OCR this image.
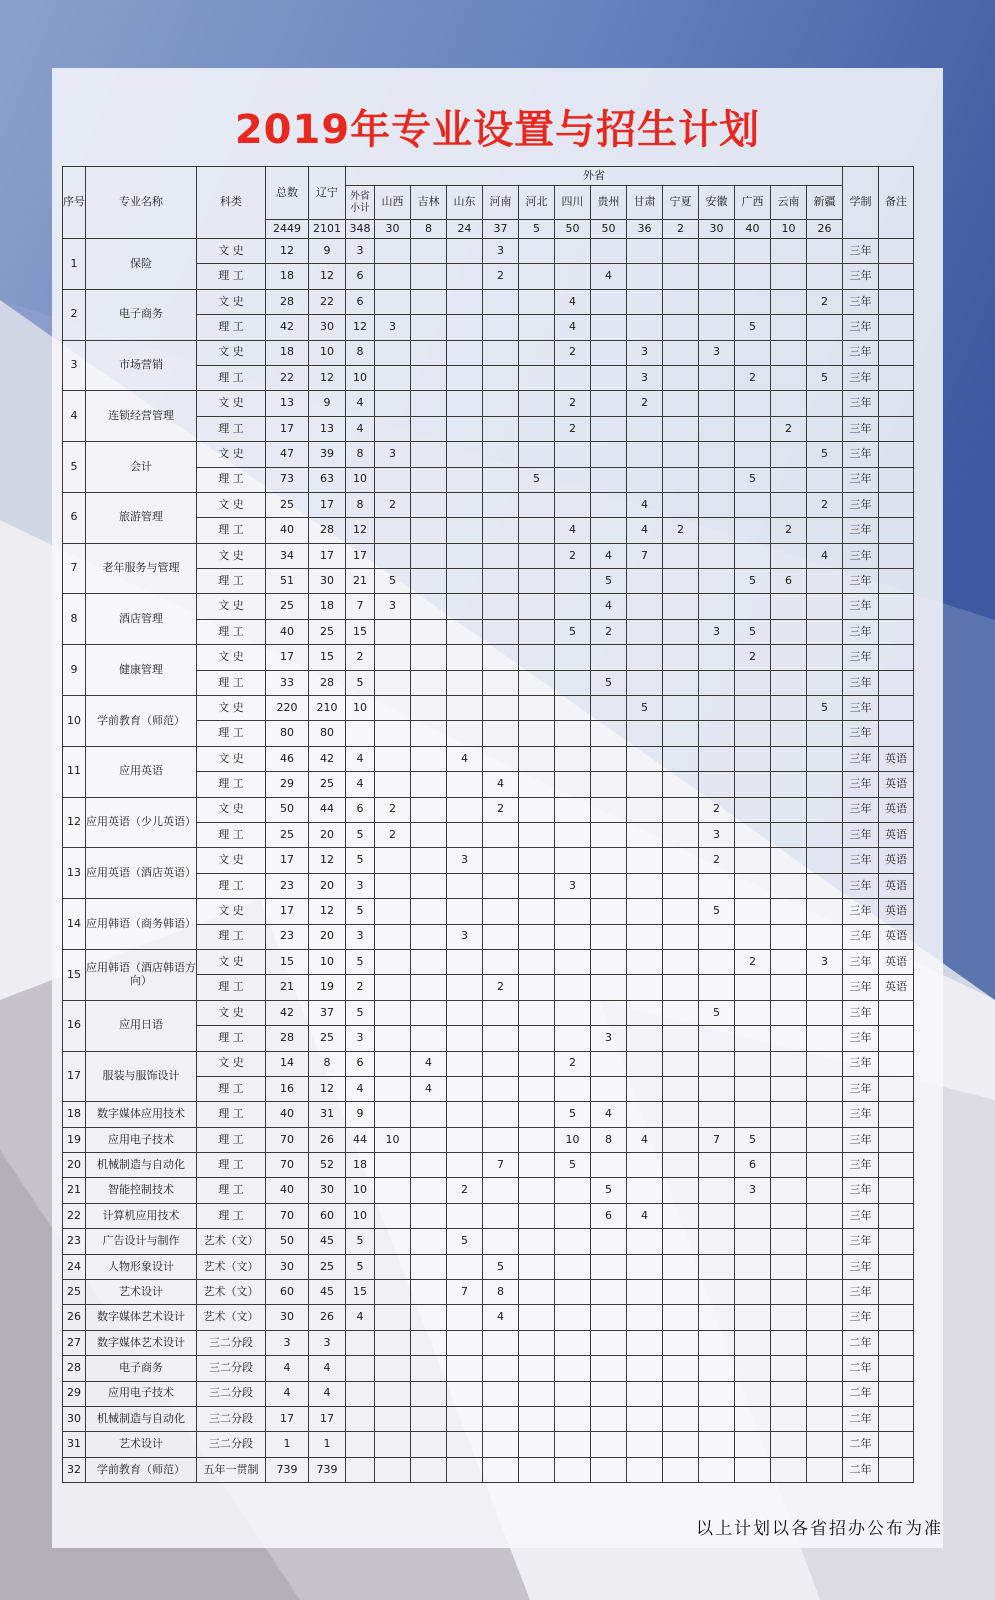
2019年专业设置与招生计划
序号	专业名称	科类	总数	辽宁	外省														学制	备注
					外省小计	山西	吉林	山东	河南	河北	四川	贵州	甘肃	宁夏	安徽	广西	云南	新疆		
			2449	2101	348	30	8	24	37	5	50	50	36	2	30	40	10	26		
1	保险	文 史	12	9	3				3										三年	
		理 工	18	12	6				2			4							三年	
2	电子商务	文 史	28	22	6						4							2	三年	
		理 工	42	30	12	3					4					5			三年	
3	市场营销	文 史	18	10	8						2		3		3				三年	
		理 工	22	12	10								3			2		5	三年	
4	连锁经营管理	文 史	13	9	4						2		2						三年	
		理 工	17	13	4						2						2		三年	
5	会计	文 史	47	39	8	3												5	三年	
		理 工	73	63	10					5						5			三年	
6	旅游管理	文 史	25	17	8	2							4					2	三年	
		理 工	40	28	12						4		4	2			2		三年	
7	老年服务与管理	文 史	34	17	17						2	4	7					4	三年	
		理 工	51	30	21	5						5				5	6		三年	
8	酒店管理	文 史	25	18	7	3						4							三年	
		理 工	40	25	15						5	2			3	5			三年	
9	健康管理	文 史	17	15	2											2			三年	
		理 工	33	28	5							5							三年	
10	学前教育（师范）	文 史	220	210	10								5					5	三年	
		理 工	80	80															三年	
11	应用英语	文 史	46	42	4			4											三年	英语
		理 工	29	25	4				4										三年	英语
12	应用英语（少儿英语）	文 史	50	44	6	2			2						2				三年	英语
		理 工	25	20	5	2									3				三年	英语
13	应用英语（酒店英语）	文 史	17	12	5			3							2				三年	英语
		理 工	23	20	3						3								三年	英语
14	应用韩语（商务韩语）	文 史	17	12	5										5				三年	英语
		理 工	23	20	3			3											三年	英语
15	应用韩语（酒店韩语方向）	文 史	15	10	5											2		3	三年	英语
		理 工	21	19	2				2										三年	英语
16	应用日语	文 史	42	37	5										5				三年	
		理 工	28	25	3							3							三年	
17	服装与服饰设计	文 史	14	8	6		4				2								三年	
		理 工	16	12	4		4												三年	
18	数字媒体应用技术	理 工	40	31	9						5	4							三年	
19	应用电子技术	理 工	70	26	44	10					10	8	4		7	5			三年	
20	机械制造与自动化	理 工	70	52	18				7		5					6			三年	
21	智能控制技术	理 工	40	30	10			2				5				3			三年	
22	计算机应用技术	理 工	70	60	10							6	4						三年	
23	广告设计与制作	艺术（文）	50	45	5			5											三年	
24	人物形象设计	艺术（文）	30	25	5				5										三年	
25	艺术设计	艺术（文）	60	45	15			7	8										三年	
26	数字媒体艺术设计	艺术（文）	30	26	4				4										三年	
27	数字媒体艺术设计	三二分段	3	3															二年	
28	电子商务	三二分段	4	4															二年	
29	应用电子技术	三二分段	4	4															二年	
30	机械制造与自动化	三二分段	17	17															二年	
31	艺术设计	三二分段	1	1															二年	
32	学前教育（师范）	五年一贯制	739	739															二年	
以上计划以各省招办公布为准
